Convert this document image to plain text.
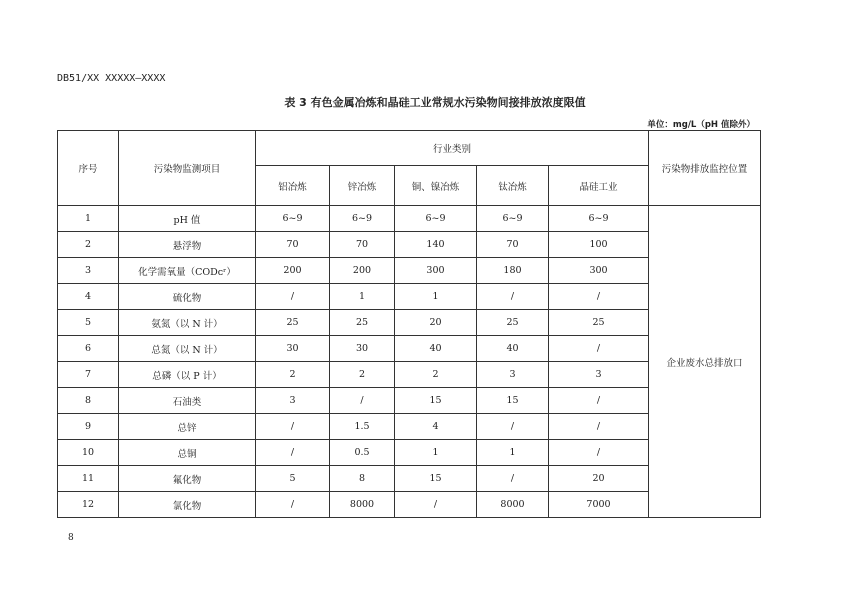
DB51/XX XXXXX—XXXX
表 3 有色金属冶炼和晶硅工业常规水污染物间接排放浓度限值
单位：mg/L（pH 值除外）
序号	污染物监测项目	行业类别					污染物排放监控位置
		铝冶炼	锌冶炼	铜、镍冶炼	钛冶炼	晶硅工业	
1	pH 值	6~9	6~9	6~9	6~9	6~9	企业废水总排放口
2	悬浮物	70	70	140	70	100	
3	化学需氧量（CODᴄʳ）	200	200	300	180	300	
4	硫化物	/	1	1	/	/	
5	氨氮（以 N 计）	25	25	20	25	25	
6	总氮（以 N 计）	30	30	40	40	/	
7	总磷（以 P 计）	2	2	2	3	3	
8	石油类	3	/	15	15	/	
9	总锌	/	1.5	4	/	/	
10	总铜	/	0.5	1	1	/	
11	氟化物	5	8	15	/	20	
12	氯化物	/	8000	/	8000	7000	
8
